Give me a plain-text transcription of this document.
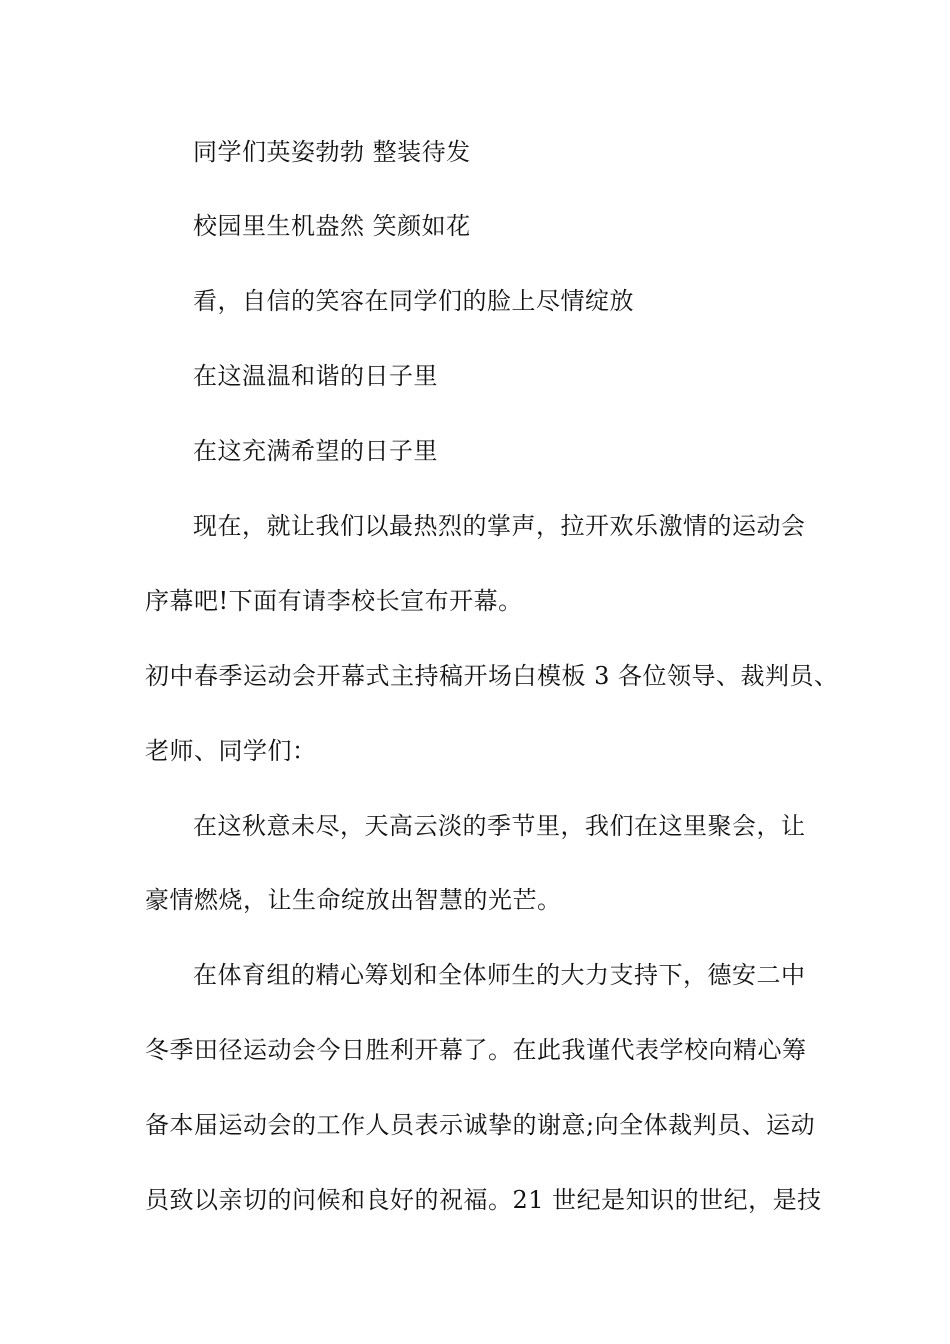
同学们英姿勃勃 整装待发
校园里生机盎然 笑颜如花
看，自信的笑容在同学们的脸上尽情绽放
在这温温和谐的日子里
在这充满希望的日子里
现在，就让我们以最热烈的掌声，拉开欢乐激情的运动会
序幕吧!下面有请李校长宣布开幕。
初中春季运动会开幕式主持稿开场白模板 3 各位领导、裁判员、
老师、同学们：
在这秋意未尽，天高云淡的季节里，我们在这里聚会，让
豪情燃烧，让生命绽放出智慧的光芒。
在体育组的精心筹划和全体师生的大力支持下，德安二中
冬季田径运动会今日胜利开幕了。在此我谨代表学校向精心筹
备本届运动会的工作人员表示诚挚的谢意;向全体裁判员、运动
员致以亲切的问候和良好的祝福。21 世纪是知识的世纪，是技
